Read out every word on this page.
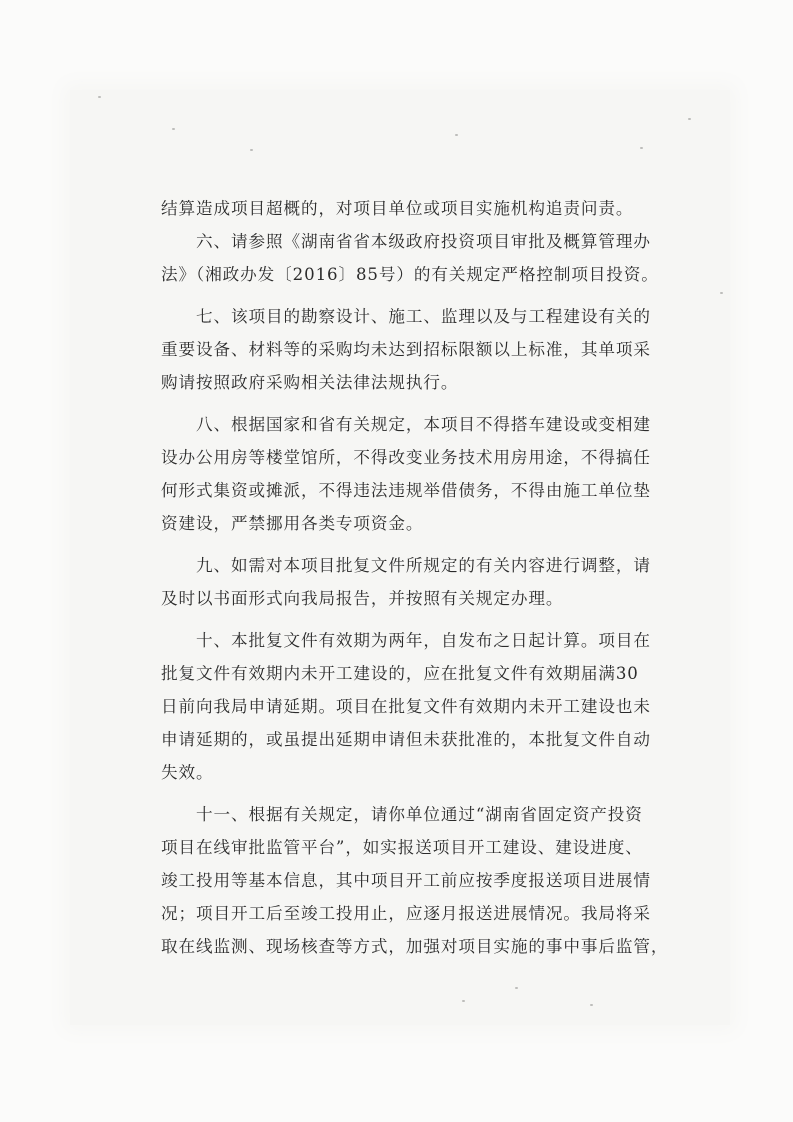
结算造成项目超概的，对项目单位或项目实施机构追责问责。
　　六、请参照《湖南省省本级政府投资项目审批及概算管理办
法》（湘政办发〔2016〕85号）的有关规定严格控制项目投资。
　　七、该项目的勘察设计、施工、监理以及与工程建设有关的
重要设备、材料等的采购均未达到招标限额以上标准，其单项采
购请按照政府采购相关法律法规执行。
　　八、根据国家和省有关规定，本项目不得搭车建设或变相建
设办公用房等楼堂馆所，不得改变业务技术用房用途，不得搞任
何形式集资或摊派，不得违法违规举借债务，不得由施工单位垫
资建设，严禁挪用各类专项资金。
　　九、如需对本项目批复文件所规定的有关内容进行调整，请
及时以书面形式向我局报告，并按照有关规定办理。
　　十、本批复文件有效期为两年，自发布之日起计算。项目在
批复文件有效期内未开工建设的，应在批复文件有效期届满30
日前向我局申请延期。项目在批复文件有效期内未开工建设也未
申请延期的，或虽提出延期申请但未获批准的，本批复文件自动
失效。
　　十一、根据有关规定，请你单位通过“湖南省固定资产投资
项目在线审批监管平台”，如实报送项目开工建设、建设进度、
竣工投用等基本信息，其中项目开工前应按季度报送项目进展情
况；项目开工后至竣工投用止，应逐月报送进展情况。我局将采
取在线监测、现场核查等方式，加强对项目实施的事中事后监管，
